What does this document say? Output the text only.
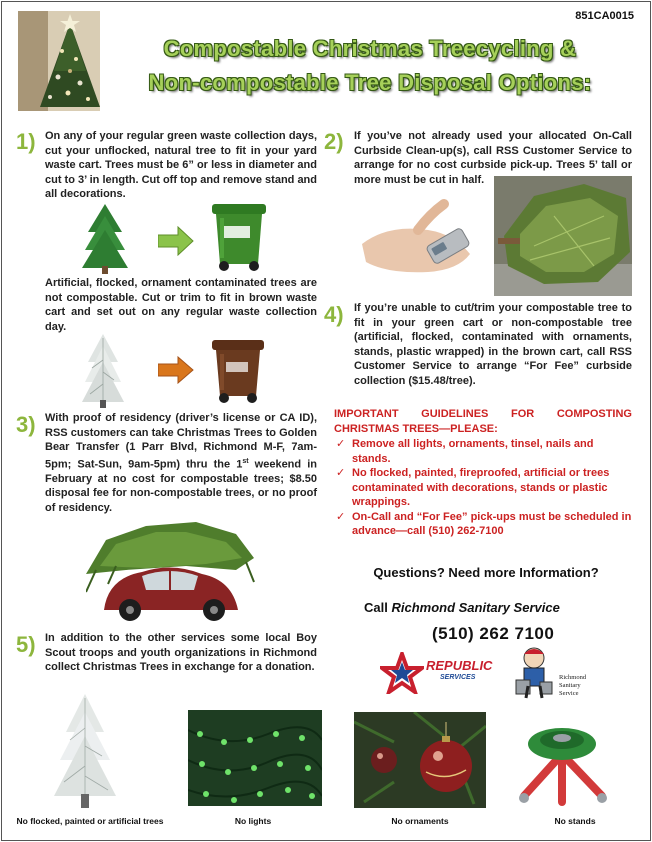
851CA0015
Compostable Christmas Treecycling &
Non-compostable Tree Disposal Options:
1) On any of your regular green waste collection days, cut your unflocked, natural tree to fit in your yard waste cart. Trees must be 6” or less in diameter and cut to 3’ in length. Cut off top and remove stand and all decorations.
Artificial, flocked, ornament contaminated trees are not compostable. Cut or trim to fit in brown waste cart and set out on any regular waste collection day.
3) With proof of residency (driver’s license or CA ID), RSS customers can take Christmas Trees to Golden Bear Transfer (1 Parr Blvd, Richmond M-F, 7am-5pm; Sat-Sun, 9am-5pm) thru the 1st weekend in February at no cost for compostable trees; $8.50 disposal fee for non-compostable trees, or no proof of residency.
5) In addition to the other services some local Boy Scout troops and youth organizations in Richmond collect Christmas Trees in exchange for a donation.
2) If you’ve not already used your allocated On-Call Curbside Clean-up(s), call RSS Customer Service to arrange for no cost curbside pick-up. Trees 5’ tall or more must be cut in half.
4) If you’re unable to cut/trim your compostable tree to fit in your green cart or non-compostable tree (artificial, flocked, contaminated with ornaments, stands, plastic wrapped) in the brown cart, call RSS Customer Service to arrange “For Fee” curbside collection ($15.48/tree).
IMPORTANT GUIDELINES FOR COMPOSTING CHRISTMAS TREES—PLEASE:
✓ Remove all lights, ornaments, tinsel, nails and stands.
✓ No flocked, painted, fireproofed, artificial or trees contaminated with decorations, stands or plastic wrappings.
✓ On-Call and “For Fee” pick-ups must be scheduled in advance—call (510) 262-7100
Questions? Need more Information?
Call Richmond Sanitary Service
(510) 262 7100
REPUBLIC
SERVICES	Richmond
Sanitary
Service
No flocked, painted or artificial trees	No lights	No ornaments	No stands
